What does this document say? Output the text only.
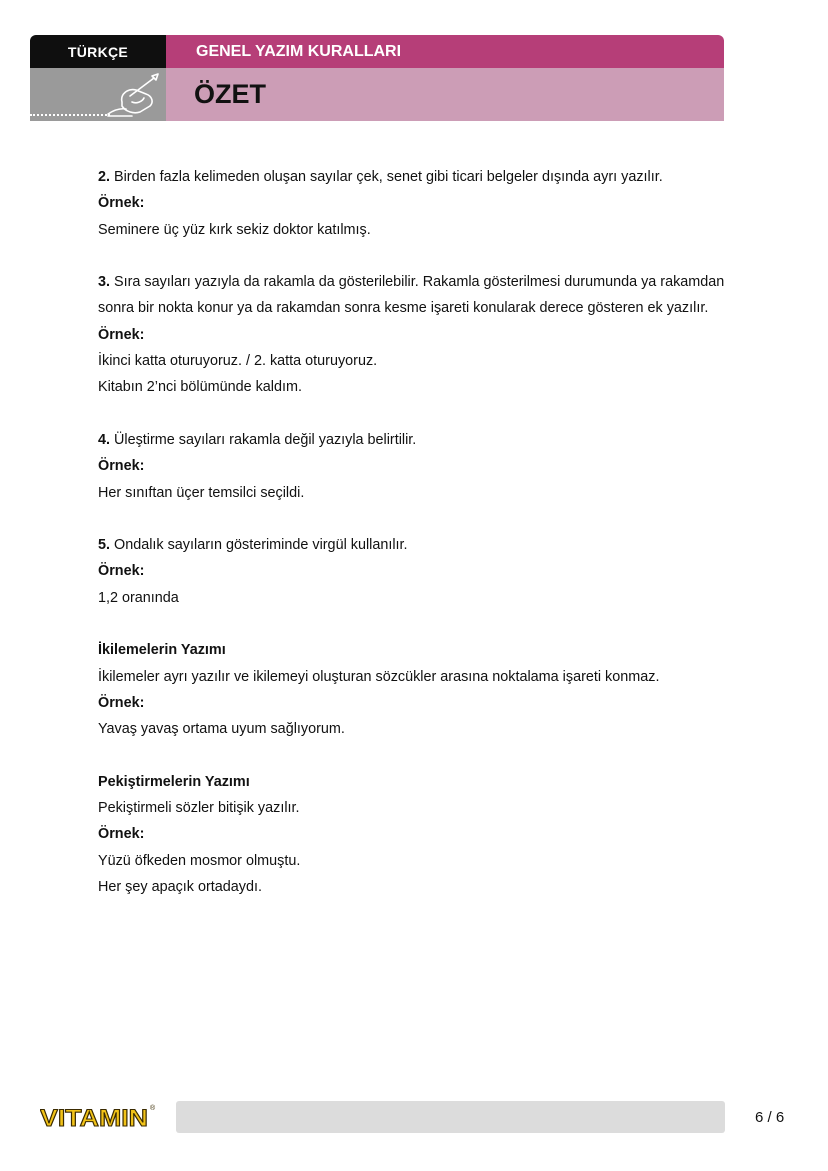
TÜRKÇE	GENEL YAZIM KURALLARI
ÖZET

2. Birden fazla kelimeden oluşan sayılar çek, senet gibi ticari belgeler dışında ayrı yazılır.

Örnek:

Seminere üç yüz kırk sekiz doktor katılmış.

3. Sıra sayıları yazıyla da rakamla da gösterilebilir. Rakamla gösterilmesi durumunda ya rakamdan sonra bir nokta konur ya da rakamdan sonra kesme işareti konularak derece gösteren ek yazılır.

Örnek:

İkinci katta oturuyoruz. / 2. katta oturuyoruz.

Kitabın 2’nci bölümünde kaldım.

4. Üleştirme sayıları rakamla değil yazıyla belirtilir.

Örnek:

Her sınıftan üçer temsilci seçildi.

5. Ondalık sayıların gösteriminde virgül kullanılır.

Örnek:

1,2 oranında

İkilemelerin Yazımı

İkilemeler ayrı yazılır ve ikilemeyi oluşturan sözcükler arasına noktalama işareti konmaz.

Örnek:

Yavaş yavaş ortama uyum sağlıyorum.

Pekiştirmelerin Yazımı

Pekiştirmeli sözler bitişik yazılır.

Örnek:

Yüzü öfkeden mosmor olmuştu.

Her şey apaçık ortadaydı.

VITAMIN ®
6 / 6
